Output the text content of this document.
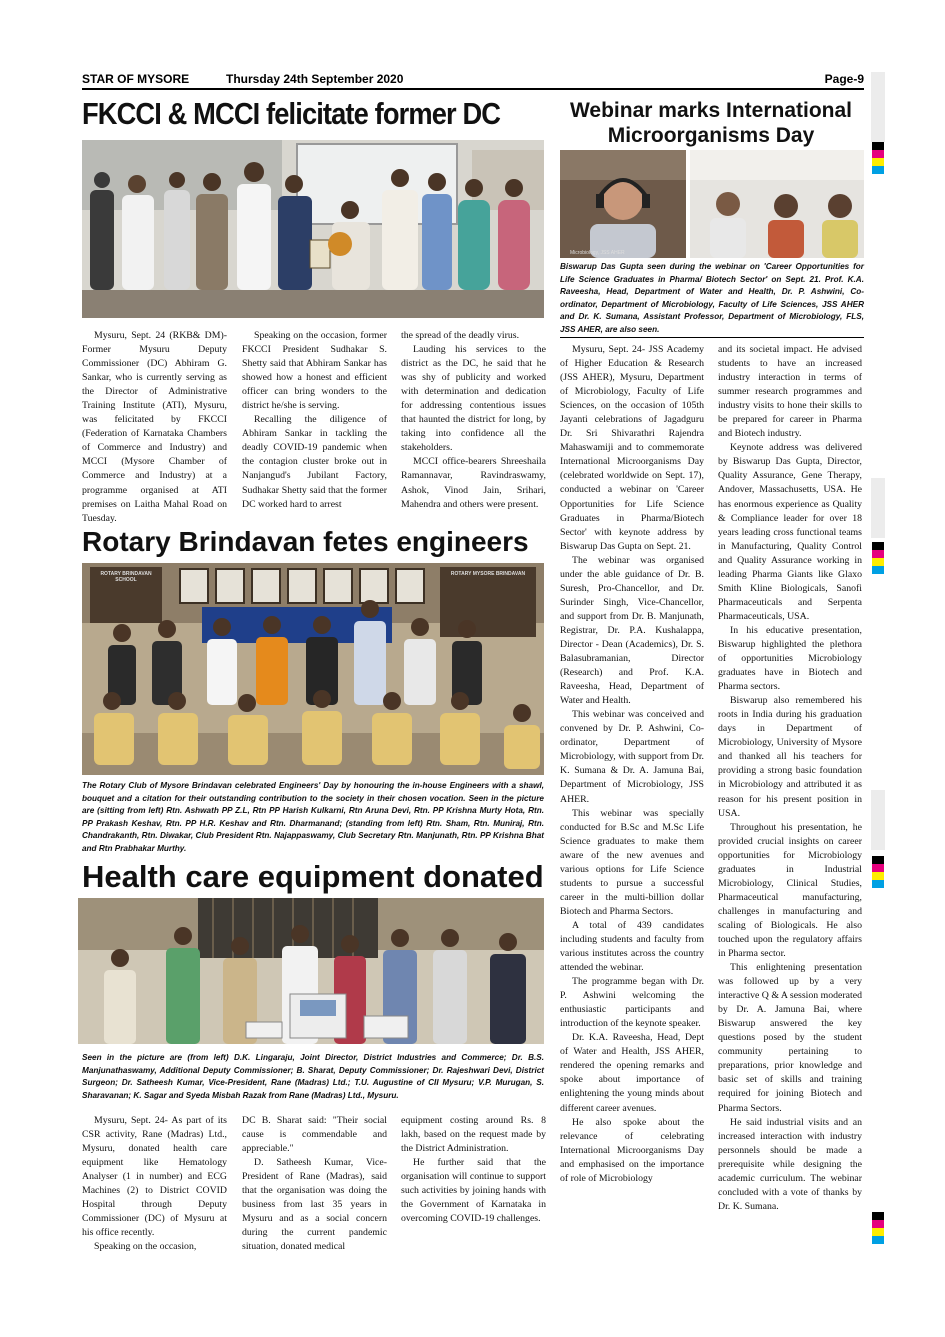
STAR OF MYSORE	Thursday 24th September 2020	Page-9
FKCCI & MCCI felicitate former DC

Mysuru, Sept. 24 (RKB& DM)- Former Mysuru Deputy Commissioner (DC) Abhiram G. Sankar, who is currently serving as the Director of Administrative Training Institute (ATI), Mysuru, was felicitated by FKCCI (Federation of Karnataka Chambers of Commerce and Industry) and MCCI (Mysore Chamber of Commerce and Industry) at a programme organised at ATI premises on Laitha Mahal Road on Tuesday.

Speaking on the occasion, former FKCCI President Sudhakar S. Shetty said that Abhiram Sankar has showed how a honest and efficient officer can bring wonders to the district he/she is serving.

Recalling the diligence of Abhiram Sankar in tackling the deadly COVID-19 pandemic when the contagion cluster broke out in Nanjangud's Jubilant Factory, Sudhakar Shetty said that the former DC worked hard to arrest

the spread of the deadly virus.

Lauding his services to the district as the DC, he said that he was shy of publicity and worked with determination and dedication for addressing contentious issues that haunted the district for long, by taking into confidence all the stakeholders.

MCCI office-bearers Shreeshaila Ramannavar, Ravindraswamy, Ashok, Vinod Jain, Srihari, Mahendra and others were present.

Rotary Brindavan fetes engineers
ROTARY BRINDAVAN SCHOOL
ROTARY MYSORE BRINDAVAN
The Rotary Club of Mysore Brindavan celebrated Engineers' Day by honouring the in-house Engineers with a shawl, bouquet and a citation for their outstanding contribution to the society in their chosen vocation. Seen in the picture are (sitting from left) Rtn. Ashwath PP Z.L, Rtn PP Harish Kulkarni, Rtn Aruna Devi, Rtn. PP Krishna Murty Hota, Rtn. PP Prakash Keshav, Rtn. PP H.R. Keshav and Rtn. Dharmanand; (standing from left) Rtn. Sham, Rtn. Muniraj, Rtn. Chandrakanth, Rtn. Diwakar, Club President Rtn. Najappaswamy, Club Secretary Rtn. Manjunath, Rtn. PP Krishna Bhat and Rtn Prabhakar Murthy.
Health care equipment donated
Seen in the picture are (from left) D.K. Lingaraju, Joint Director, District Industries and Commerce; Dr. B.S. Manjunathaswamy, Additional Deputy Commissioner; B. Sharat, Deputy Commissioner; Dr. Rajeshwari Devi, District Surgeon; Dr. Satheesh Kumar, Vice-President, Rane (Madras) Ltd.; T.U. Augustine of CII Mysuru; V.P. Murugan, S. Sharavanan; K. Sagar and Syeda Misbah Razak from Rane (Madras) Ltd., Mysuru.

Mysuru, Sept. 24- As part of its CSR activity, Rane (Madras) Ltd., Mysuru, donated health care equipment like Hematology Analyser (1 in number) and ECG Machines (2) to District COVID Hospital through Deputy Commissioner (DC) of Mysuru at his office recently.

Speaking on the occasion,

DC B. Sharat said: "Their social cause is commendable and appreciable."

D. Satheesh Kumar, Vice-President of Rane (Madras), said that the organisation was doing the business from last 35 years in Mysuru and as a social concern during the current pandemic situation, donated medical

equipment costing around Rs. 8 lakh, based on the request made by the District Administration.

He further said that the organisation will continue to support such activities by joining hands with the Government of Karnataka in overcoming COVID-19 challenges.

Webinar marks International
Microorganisms Day
Microbiology, JSS AHER
Biswarup Das Gupta seen during the webinar on 'Career Opportunities for Life Science Graduates in Pharma/ Biotech Sector' on Sept. 21. Prof. K.A. Raveesha, Head, Department of Water and Health, Dr. P. Ashwini, Co-ordinator, Department of Microbiology, Faculty of Life Sciences, JSS AHER and Dr. K. Sumana, Assistant Professor, Department of Microbiology, FLS, JSS AHER, are also seen.

Mysuru, Sept. 24- JSS Academy of Higher Education & Research (JSS AHER), Mysuru, Department of Microbiology, Faculty of Life Sciences, on the occasion of 105th Jayanti celebrations of Jagadguru Dr. Sri Shivarathri Rajendra Mahaswamiji and to commemorate International Microorganisms Day (celebrated worldwide on Sept. 17), conducted a webinar on 'Career Opportunities for Life Science Graduates in Pharma/Biotech Sector' with keynote address by Biswarup Das Gupta on Sept. 21.

The webinar was organised under the able guidance of Dr. B. Suresh, Pro-Chancellor, and Dr. Surinder Singh, Vice-Chancellor, and support from Dr. B. Manjunath, Registrar, Dr. P.A. Kushalappa, Director - Dean (Academics), Dr. S. Balasubramanian, Director (Research) and Prof. K.A. Raveesha, Head, Department of Water and Health.

This webinar was conceived and convened by Dr. P. Ashwini, Co-ordinator, Department of Microbiology, with support from Dr. K. Sumana & Dr. A. Jamuna Bai, Department of Microbiology, JSS AHER.

This webinar was specially conducted for B.Sc and M.Sc Life Science graduates to make them aware of the new avenues and various options for Life Science students to pursue a successful career in the multi-billion dollar Biotech and Pharma Sectors.

A total of 439 candidates including students and faculty from various institutes across the country attended the webinar.

The programme began with Dr. P. Ashwini welcoming the enthusiastic participants and introduction of the keynote speaker.

Dr. K.A. Raveesha, Head, Dept of Water and Health, JSS AHER, rendered the opening remarks and spoke about importance of enlightening the young minds about different career avenues.

He also spoke about the relevance of celebrating International Microorganisms Day and emphasised on the importance of role of Microbiology

and its societal impact. He advised students to have an increased industry interaction in terms of summer research programmes and industry visits to hone their skills to be prepared for career in Pharma and Biotech industry.

Keynote address was delivered by Biswarup Das Gupta, Director, Quality Assurance, Gene Therapy, Andover, Massachusetts, USA. He has enormous experience as Quality & Compliance leader for over 18 years leading cross functional teams in Manufacturing, Quality Control and Quality Assurance working in leading Pharma Giants like Glaxo Smith Kline Biologicals, Sanofi Pharmaceuticals and Serpenta Pharmaceuticals, USA.

In his educative presentation, Biswarup highlighted the plethora of opportunities Microbiology graduates have in Biotech and Pharma sectors.

Biswarup also remembered his roots in India during his graduation days in Department of Microbiology, University of Mysore and thanked all his teachers for providing a strong basic foundation in Microbiology and attributed it as reason for his present position in USA.

Throughout his presentation, he provided crucial insights on career opportunities for Microbiology graduates in Industrial Microbiology, Clinical Studies, Pharmaceutical manufacturing, challenges in manufacturing and scaling of Biologicals. He also touched upon the regulatory affairs in Pharma sector.

This enlightening presentation was followed up by a very interactive Q & A session moderated by Dr. A. Jamuna Bai, where Biswarup answered the key questions posed by the student community pertaining to preparations, prior knowledge and basic set of skills and training required for joining Biotech and Pharma Sectors.

He said industrial visits and an increased interaction with industry personnels should be made a prerequisite while designing the academic curriculum. The webinar concluded with a vote of thanks by Dr. K. Sumana.
